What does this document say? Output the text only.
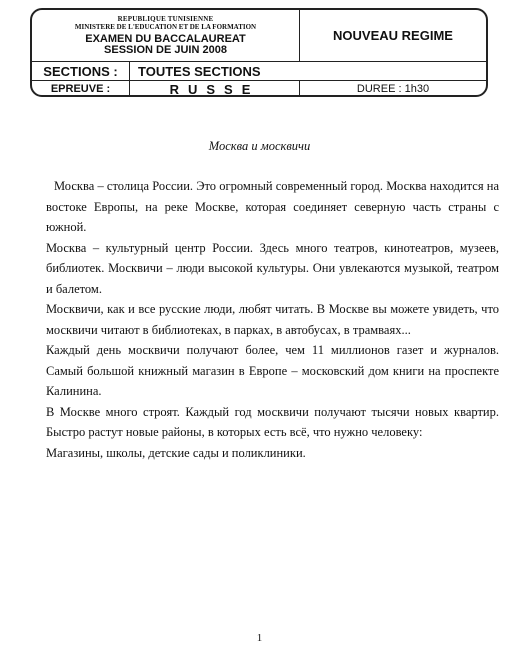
REPUBLIQUE TUNISIENNE
MINISTERE DE L'EDUCATION ET DE LA FORMATION
EXAMEN DU BACCALAUREAT
SESSION DE JUIN 2008
NOUVEAU REGIME
SECTIONS :	TOUTES SECTIONS
EPREUVE :	RUSSE	DUREE : 1h30
Москва и москвичи

Москва – столица России. Это огромный современный город. Москва находится на востоке Европы, на реке Москве, которая соединяет северную часть страны с южной.

Москва – культурный центр России. Здесь много театров, кинотеатров, музеев, библиотек. Москвичи – люди высокой культуры. Они увлекаются музыкой, театром и балетом.

Москвичи, как и все русские люди, любят читать. В Москве вы можете увидеть, что москвичи читают в библиотеках, в парках, в автобусах, в трамваях...

Каждый день москвичи получают более, чем 11 миллионов газет и журналов. Самый большой книжный магазин в Европе – московский дом книги на проспекте Калинина.

В Москве много строят. Каждый год москвичи получают тысячи новых квартир. Быстро растут новые районы, в которых есть всё, что нужно человеку:

Магазины, школы, детские сады и поликлиники.

1
